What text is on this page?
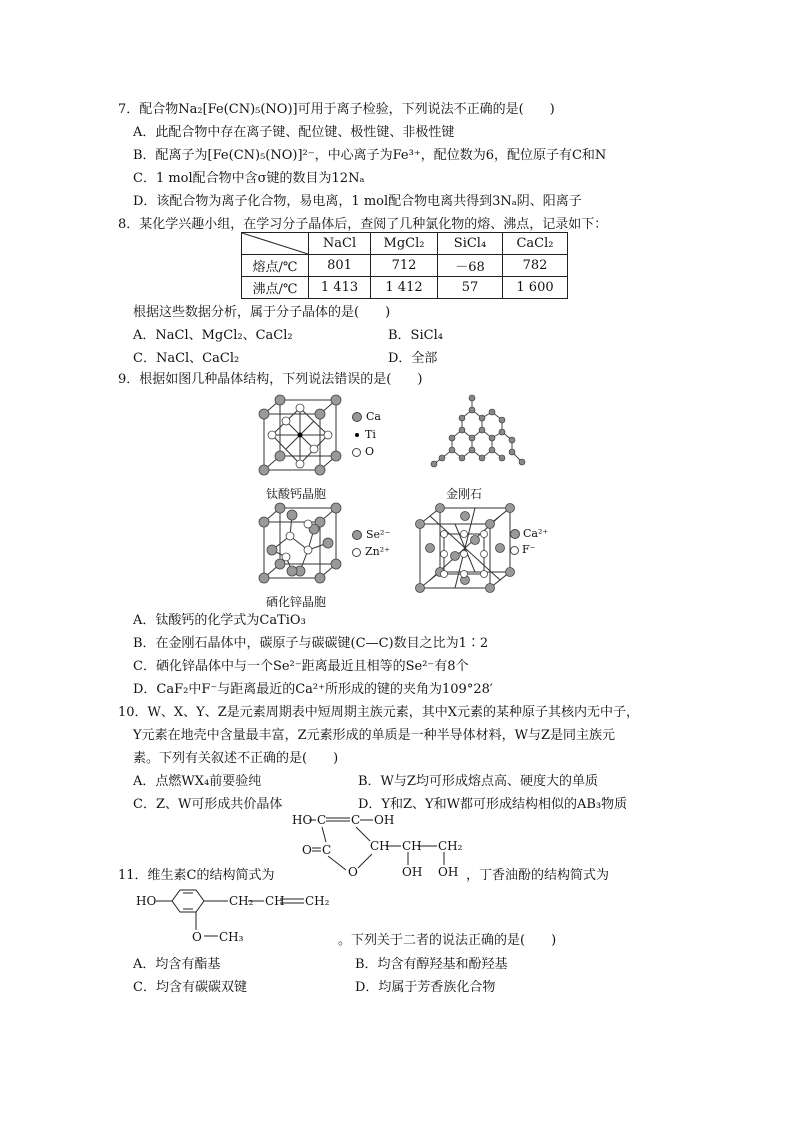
7．配合物Na₂[Fe(CN)₅(NO)]可用于离子检验，下列说法不正确的是(　　)
A．此配合物中存在离子键、配位键、极性键、非极性键
B．配离子为[Fe(CN)₅(NO)]²⁻，中心离子为Fe³⁺，配位数为6，配位原子有C和N
C．1 mol配合物中含σ键的数目为12Nₐ
D．该配合物为离子化合物，易电离，1 mol配合物电离共得到3Nₐ阴、阳离子
8．某化学兴趣小组，在学习分子晶体后，查阅了几种氯化物的熔、沸点，记录如下：
	NaCl	MgCl₂	SiCl₄	CaCl₂
熔点/℃	801	712	－68	782
沸点/℃	1 413	1 412	57	1 600
根据这些数据分析，属于分子晶体的是(　　)
A．NaCl、MgCl₂、CaCl₂	B．SiCl₄
C．NaCl、CaCl₂	D．全部
9．根据如图几种晶体结构，下列说法错误的是(　　)
Ca
Ti
O
钛酸钙晶胞	金刚石
Se²⁻
Zn²⁺
硒化锌晶胞
Ca²⁺
F⁻
A．钛酸钙的化学式为CaTiO₃
B．在金刚石晶体中，碳原子与碳碳键(C—C)数目之比为1∶2
C．硒化锌晶体中与一个Se²⁻距离最近且相等的Se²⁻有8个
D．CaF₂中F⁻与距离最近的Ca²⁺所形成的键的夹角为109°28′
10．W、X、Y、Z是元素周期表中短周期主族元素，其中X元素的某种原子其核内无中子，
Y元素在地壳中含量最丰富，Z元素形成的单质是一种半导体材料，W与Z是同主族元
素。下列有关叙述不正确的是(　　)
A．点燃WX₄前要验纯	B．W与Z均可形成熔点高、硬度大的单质
C．Z、W可形成共价晶体	D．Y和Z、Y和W都可形成结构相似的AB₃物质
HO C C OH
O C	CH CH CH₂
O	OH OH
11．维生素C的结构简式为	，丁香油酚的结构简式为
HO	CH₂ CH CH₂
O CH₃	。下列关于二者的说法正确的是(　　)
A．均含有酯基	B．均含有醇羟基和酚羟基
C．均含有碳碳双键	D．均属于芳香族化合物
